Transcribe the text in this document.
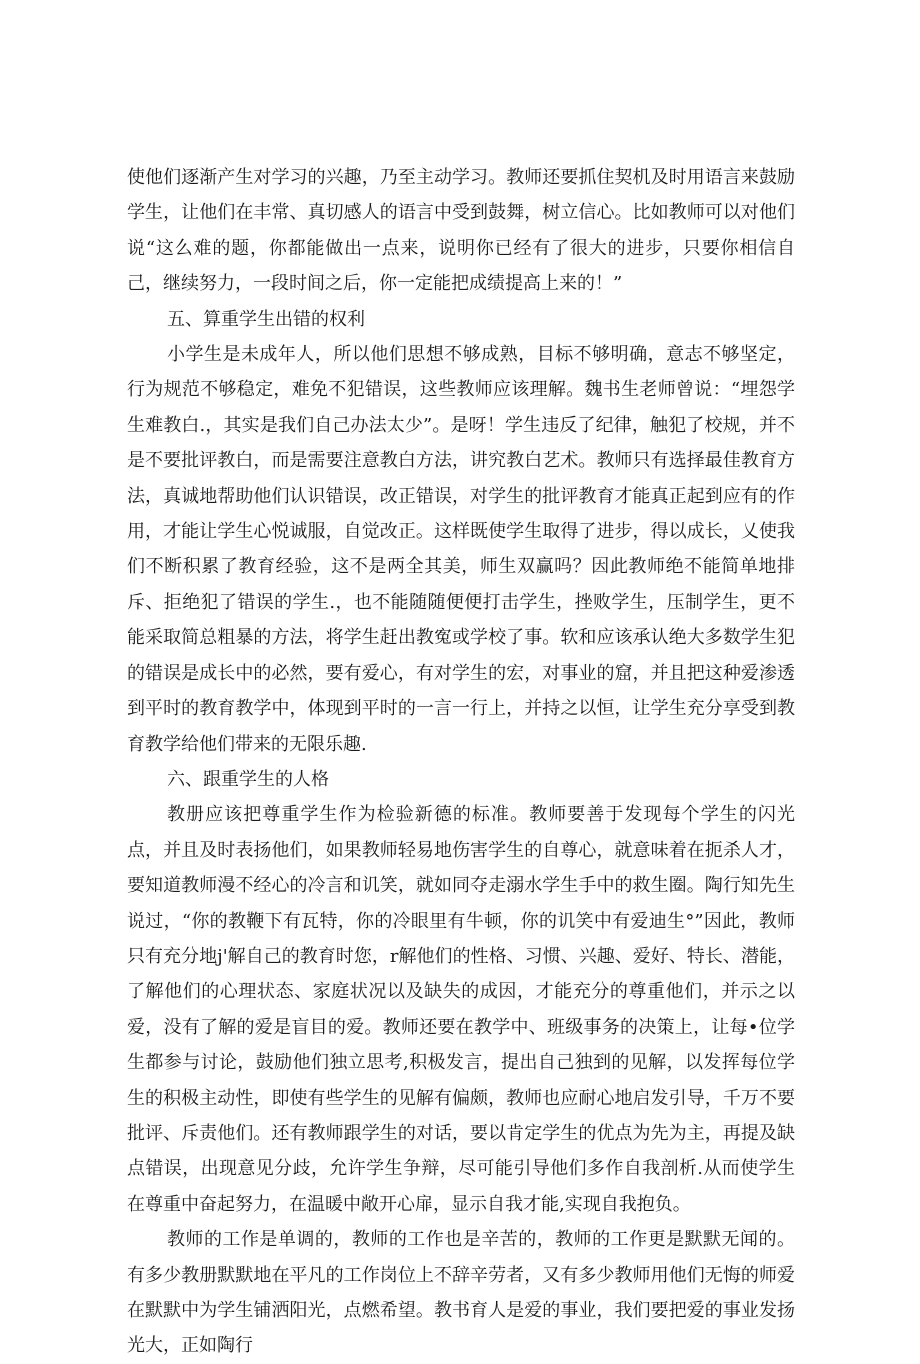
使他们逐渐产生对学习的兴趣，乃至主动学习。教师还要抓住契机及时用语言来鼓励学生，让他们在丰常、真切感人的语言中受到鼓舞，树立信心。比如教师可以对他们说“这么难的题，你都能做出一点来，说明你已经有了很大的进步，只要你相信自己，继续努力，一段时间之后，你一定能把成绩提高上来的！”

五、算重学生出错的权利

小学生是未成年人，所以他们思想不够成熟，目标不够明确，意志不够坚定，行为规范不够稳定，难免不犯错误，这些教师应该理解。魏书生老师曾说：“埋怨学生难教白.，其实是我们自己办法太少”。是呀！学生违反了纪律，触犯了校规，并不是不要批评教白，而是需要注意教白方法，讲究教白艺术。教师只有选择最佳教育方法，真诚地帮助他们认识错误，改正错误，对学生的批评教育才能真正起到应有的作用，才能让学生心悦诚服，自觉改正。这样既使学生取得了进步，得以成长，乂使我们不断积累了教育经验，这不是两全其美，师生双赢吗？因此教师绝不能简单地排斥、拒绝犯了错误的学生.，也不能随随便便打击学生，挫败学生，压制学生，更不能采取简总粗暴的方法，将学生赶出教寃或学校了事。软和应该承认绝大多数学生犯的错误是成长中的必然，要有爱心，有对学生的宏，对事业的窟，并且把这种爱渗透到平时的教育教学中，体现到平时的一言一行上，并持之以恒，让学生充分享受到教育教学给他们带来的无限乐趣.

六、跟重学生的人格

教册应该把尊重学生作为检验新德的标准。教师要善于发现每个学生的闪光点，并且及时表扬他们，如果教师轻易地伤害学生的自尊心，就意味着在扼杀人才，要知道教师漫不经心的冷言和讥笑，就如同夺走溺水学生手中的救生圈。陶行知先生说过，“你的教鞭下有瓦特，你的冷眼里有牛顿，你的讥笑中有爱迪生°”因此，教师只有充分地j'解自己的教育时您，r解他们的性格、习惯、兴趣、爱好、特长、潜能，了解他们的心理状态、家庭状况以及缺失的成因，才能充分的尊重他们，并示之以爱，没有了解的爱是盲目的爱。教师还要在教学中、班级事务的决策上，让每•位学生都参与讨论，鼓励他们独立思考,积极发言，提出自己独到的见解，以发挥每位学生的积极主动性，即使有些学生的见解有偏颇，教师也应耐心地启发引导，千万不要批评、斥责他们。还有教师跟学生的对话，要以肯定学生的优点为先为主，再提及缺点错误，出现意见分歧，允许学生争辩，尽可能引导他们多作自我剖析.从而使学生在尊重中奋起努力，在温暖中敞开心扉，显示自我才能,实现自我抱负。

教师的工作是单调的，教师的工作也是辛苦的，教师的工作更是默默无闻的。有多少教册默默地在平凡的工作岗位上不辞辛劳者，又有多少教师用他们无悔的师爱在默默中为学生铺洒阳光，点燃希望。教书育人是爱的事业，我们要把爱的事业发扬光大，正如陶行
